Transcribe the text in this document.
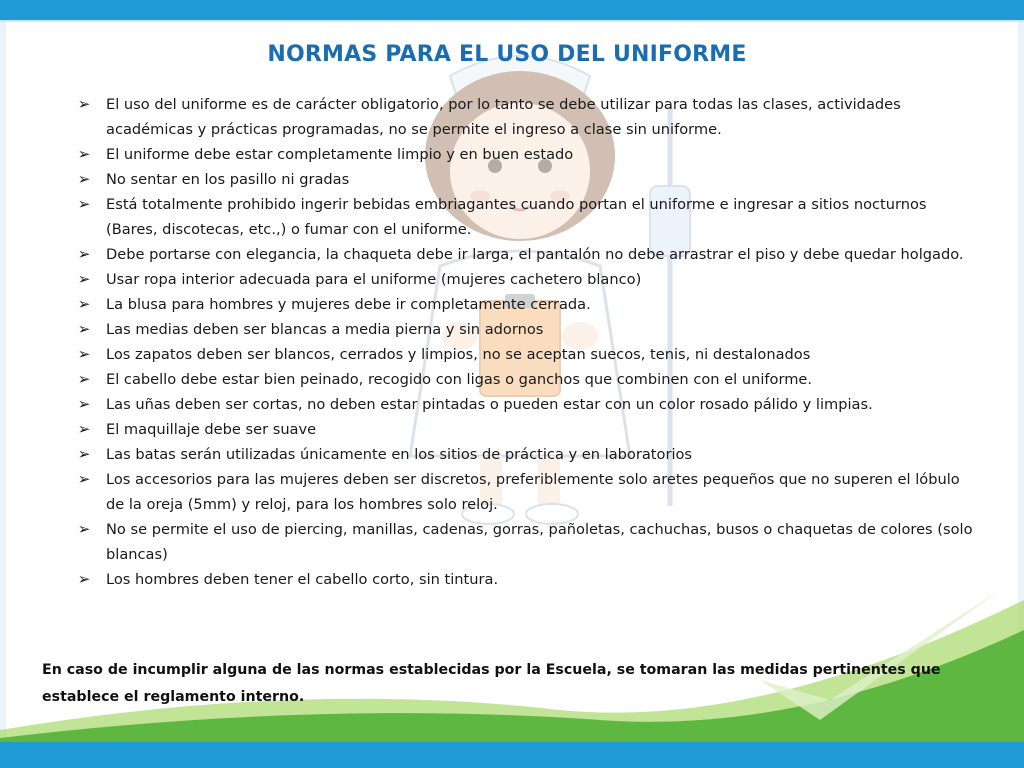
NORMAS PARA EL USO DEL UNIFORME
➢ El uso del uniforme es de carácter obligatorio, por lo tanto se debe utilizar para todas las clases, actividades académicas y prácticas programadas, no se permite el ingreso a clase sin uniforme.
➢ El uniforme debe estar completamente limpio y en buen estado
➢ No sentar en los pasillo ni gradas
➢ Está totalmente prohibido ingerir bebidas embriagantes cuando portan el uniforme e ingresar a sitios nocturnos (Bares, discotecas, etc.,) o fumar con el uniforme.
➢ Debe portarse con elegancia, la chaqueta debe ir larga, el pantalón no debe arrastrar el piso y debe quedar holgado.
➢ Usar ropa interior adecuada para el uniforme (mujeres cachetero blanco)
➢ La blusa para hombres y mujeres debe ir completamente cerrada.
➢ Las medias deben ser blancas a media pierna y sin adornos
➢ Los zapatos deben ser blancos, cerrados y limpios, no se aceptan suecos, tenis, ni destalonados
➢ El cabello debe estar bien peinado, recogido con ligas o ganchos que combinen con el uniforme.
➢ Las uñas deben ser cortas, no deben estar pintadas o pueden estar con un color rosado pálido y limpias.
➢ El maquillaje debe ser suave
➢ Las batas serán utilizadas únicamente en los sitios de práctica y en laboratorios
➢ Los accesorios para las mujeres deben ser discretos, preferiblemente solo aretes pequeños que no superen el lóbulo de la oreja (5mm) y reloj, para los hombres solo reloj.
➢ No se permite el uso de piercing, manillas, cadenas, gorras, pañoletas, cachuchas, busos o chaquetas de colores (solo blancas)
➢ Los hombres deben tener el cabello corto, sin tintura.
En caso de incumplir alguna de las normas establecidas por la Escuela, se tomaran las medidas pertinentes que establece el reglamento interno.
